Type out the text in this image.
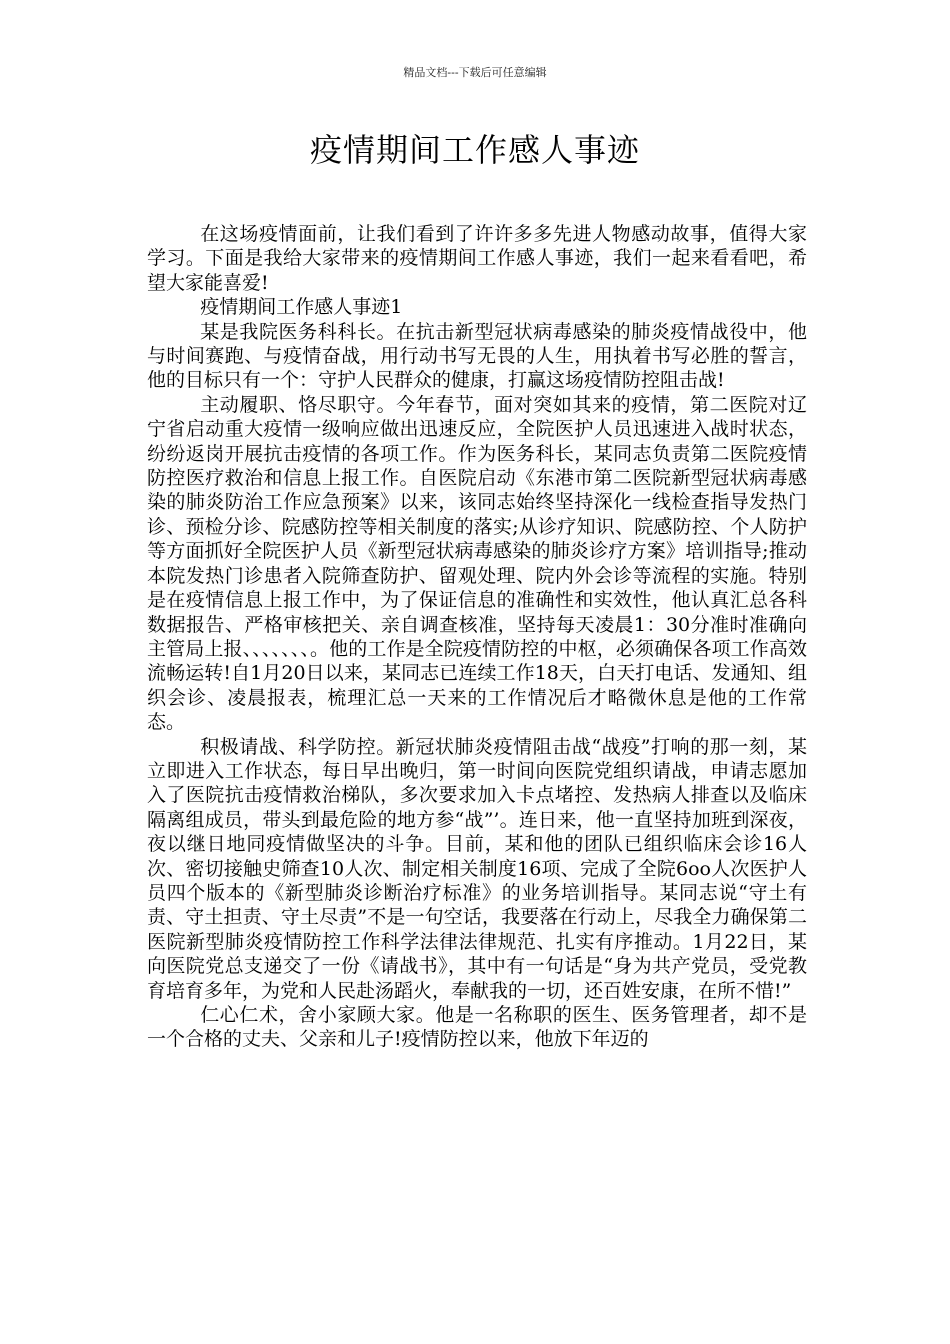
精品文档---下载后可任意编辑
疫情期间工作感人事迹

在这场疫情面前，让我们看到了许许多多先进人物感动故事，值得大家学习。下面是我给大家带来的疫情期间工作感人事迹，我们一起来看看吧，希望大家能喜爱!

疫情期间工作感人事迹1

某是我院医务科科长。在抗击新型冠状病毒感染的肺炎疫情战役中，他与时间赛跑、与疫情奋战，用行动书写无畏的人生，用执着书写必胜的誓言，他的目标只有一个：守护人民群众的健康，打赢这场疫情防控阻击战!

主动履职、恪尽职守。今年春节，面对突如其来的疫情，第二医院对辽宁省启动重大疫情一级响应做出迅速反应，全院医护人员迅速进入战时状态，纷纷返岗开展抗击疫情的各项工作。作为医务科长，某同志负责第二医院疫情防控医疗救治和信息上报工作。自医院启动《东港市第二医院新型冠状病毒感染的肺炎防治工作应急预案》以来，该同志始终坚持深化一线检查指导发热门诊、预检分诊、院感防控等相关制度的落实;从诊疗知识、院感防控、个人防护等方面抓好全院医护人员《新型冠状病毒感染的肺炎诊疗方案》培训指导;推动本院发热门诊患者入院筛查防护、留观处理、院内外会诊等流程的实施。特别是在疫情信息上报工作中，为了保证信息的准确性和实效性，他认真汇总各科数据报告、严格审核把关、亲自调查核准，坚持每天凌晨1：30分准时准确向主管局上报、、、、、、、。他的工作是全院疫情防控的中枢，必须确保各项工作高效流畅运转!自1月20日以来，某同志已连续工作18天，白天打电话、发通知、组织会诊、凌晨报表，梳理汇总一天来的工作情况后才略微休息是他的工作常态。

积极请战、科学防控。新冠状肺炎疫情阻击战“战疫”打响的那一刻，某立即进入工作状态，每日早出晚归，第一时间向医院党组织请战，申请志愿加入了医院抗击疫情救治梯队，多次要求加入卡点堵控、发热病人排查以及临床隔离组成员，带头到最危险的地方参“战”’。连日来，他一直坚持加班到深夜，夜以继日地同疫情做坚决的斗争。目前，某和他的团队已组织临床会诊16人次、密切接触史筛查10人次、制定相关制度16项、完成了全院6oo人次医护人员四个版本的《新型肺炎诊断治疗标准》的业务培训指导。某同志说“守土有责、守土担责、守土尽责”不是一句空话，我要落在行动上，尽我全力确保第二医院新型肺炎疫情防控工作科学法律法律规范、扎实有序推动。1月22日，某向医院党总支递交了一份《请战书》，其中有一句话是“身为共产党员，受党教育培育多年，为党和人民赴汤蹈火，奉献我的一切，还百姓安康，在所不惜!”

仁心仁术，舍小家顾大家。他是一名称职的医生、医务管理者，却不是一个合格的丈夫、父亲和儿子!疫情防控以来，他放下年迈的
